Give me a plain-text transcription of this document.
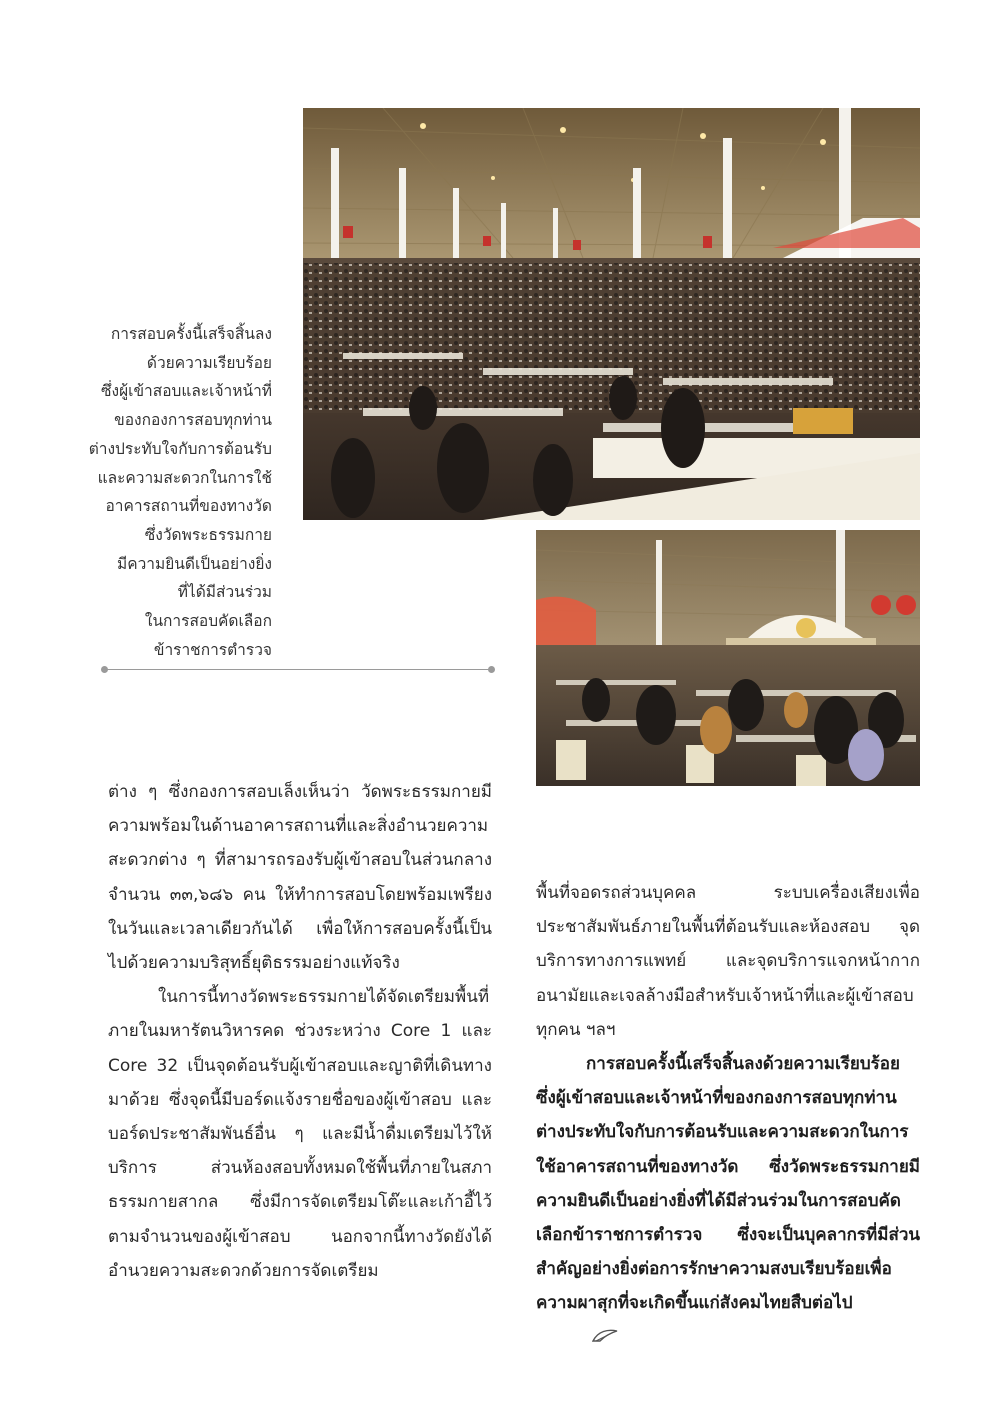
การสอบครั้งนี้เสร็จสิ้นลง
ด้วยความเรียบร้อย
ซึ่งผู้เข้าสอบและเจ้าหน้าที่
ของกองการสอบทุกท่าน
ต่างประทับใจกับการต้อนรับ
และความสะดวกในการใช้
อาคารสถานที่ของทางวัด
ซึ่งวัดพระธรรมกาย
มีความยินดีเป็นอย่างยิ่ง
ที่ได้มีส่วนร่วม
ในการสอบคัดเลือก
ข้าราชการตำรวจ

ต่าง ๆ ซึ่งกองการสอบเล็งเห็นว่า วัดพระธรรมกายมีความพร้อมในด้านอาคารสถานที่และสิ่งอำนวยความสะดวกต่าง ๆ ที่สามารถรองรับผู้เข้าสอบในส่วนกลางจำนวน ๓๓,๖๘๖ คน ให้ทำการสอบโดยพร้อมเพรียงในวันและเวลาเดียวกันได้ เพื่อให้การสอบครั้งนี้เป็นไปด้วยความบริสุทธิ์ยุติธรรมอย่างแท้จริง

ในการนี้ทางวัดพระธรรมกายได้จัดเตรียมพื้นที่ภายในมหารัตนวิหารคด ช่วงระหว่าง Core 1 และ Core 32 เป็นจุดต้อนรับผู้เข้าสอบและญาติที่เดินทางมาด้วย ซึ่งจุดนี้มีบอร์ดแจ้งรายชื่อของผู้เข้าสอบ และบอร์ดประชาสัมพันธ์อื่น ๆ และมีน้ำดื่มเตรียมไว้ให้บริการ ส่วนห้องสอบทั้งหมดใช้พื้นที่ภายในสภาธรรมกายสากล ซึ่งมีการจัดเตรียมโต๊ะและเก้าอี้ไว้ตามจำนวนของผู้เข้าสอบ นอกจากนี้ทางวัดยังได้อำนวยความสะดวกด้วยการจัดเตรียม

พื้นที่จอดรถส่วนบุคคล ระบบเครื่องเสียงเพื่อประชาสัมพันธ์ภายในพื้นที่ต้อนรับและห้องสอบ จุดบริการทางการแพทย์ และจุดบริการแจกหน้ากากอนามัยและเจลล้างมือสำหรับเจ้าหน้าที่และผู้เข้าสอบทุกคน ฯลฯ

การสอบครั้งนี้เสร็จสิ้นลงด้วยความเรียบร้อย ซึ่งผู้เข้าสอบและเจ้าหน้าที่ของกองการสอบทุกท่านต่างประทับใจกับการต้อนรับและความสะดวกในการใช้อาคารสถานที่ของทางวัด ซึ่งวัดพระธรรมกายมีความยินดีเป็นอย่างยิ่งที่ได้มีส่วนร่วมในการสอบคัดเลือกข้าราชการตำรวจ ซึ่งจะเป็นบุคลากรที่มีส่วนสำคัญอย่างยิ่งต่อการรักษาความสงบเรียบร้อยเพื่อความผาสุกที่จะเกิดขึ้นแก่สังคมไทยสืบต่อไป
